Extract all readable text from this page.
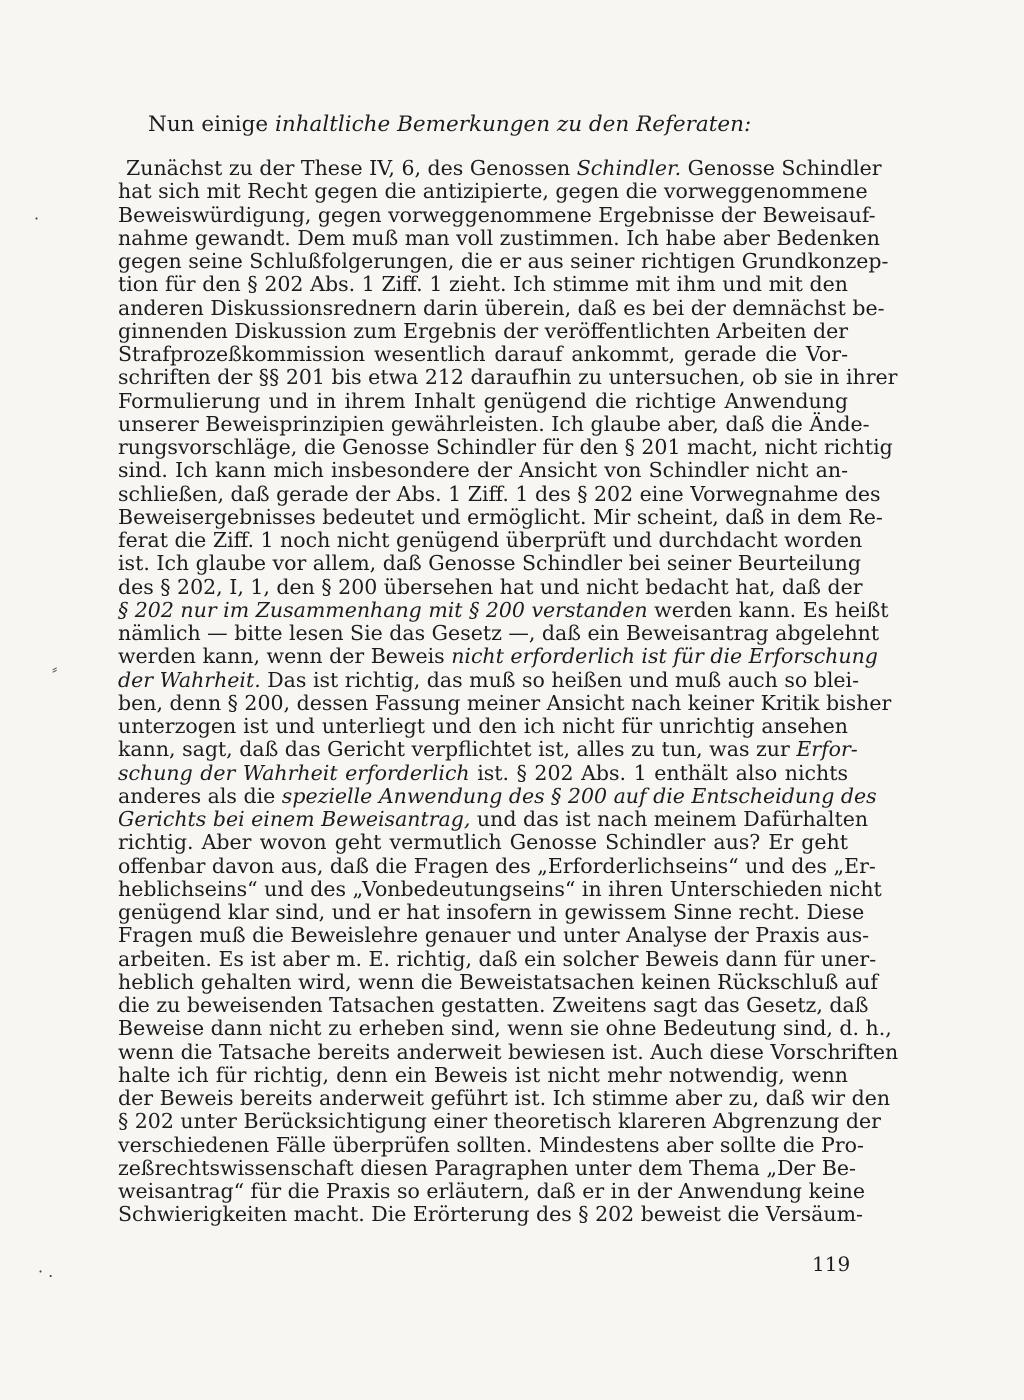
Nun einige inhaltliche Bemerkungen zu den Referaten:
Zunächst zu der These IV, 6, des Genossen Schindler. Genosse Schindler
hat sich mit Recht gegen die antizipierte, gegen die vorweggenommene
Beweiswürdigung, gegen vorweggenommene Ergebnisse der Beweisauf-
nahme gewandt. Dem muß man voll zustimmen. Ich habe aber Bedenken
gegen seine Schlußfolgerungen, die er aus seiner richtigen Grundkonzep-
tion für den § 202 Abs. 1 Ziff. 1 zieht. Ich stimme mit ihm und mit den
anderen Diskussionsrednern darin überein, daß es bei der demnächst be-
ginnenden Diskussion zum Ergebnis der veröffentlichten Arbeiten der
Strafprozeßkommission wesentlich darauf ankommt, gerade die Vor-
schriften der §§ 201 bis etwa 212 daraufhin zu untersuchen, ob sie in ihrer
Formulierung und in ihrem Inhalt genügend die richtige Anwendung
unserer Beweisprinzipien gewährleisten. Ich glaube aber, daß die Ände-
rungsvorschläge, die Genosse Schindler für den § 201 macht, nicht richtig
sind. Ich kann mich insbesondere der Ansicht von Schindler nicht an-
schließen, daß gerade der Abs. 1 Ziff. 1 des § 202 eine Vorwegnahme des
Beweisergebnisses bedeutet und ermöglicht. Mir scheint, daß in dem Re-
ferat die Ziff. 1 noch nicht genügend überprüft und durchdacht worden
ist. Ich glaube vor allem, daß Genosse Schindler bei seiner Beurteilung
des § 202, I, 1, den § 200 übersehen hat und nicht bedacht hat, daß der
§ 202 nur im Zusammenhang mit § 200 verstanden werden kann. Es heißt
nämlich — bitte lesen Sie das Gesetz —, daß ein Beweisantrag abgelehnt
werden kann, wenn der Beweis nicht erforderlich ist für die Erforschung
der Wahrheit. Das ist richtig, das muß so heißen und muß auch so blei-
ben, denn § 200, dessen Fassung meiner Ansicht nach keiner Kritik bisher
unterzogen ist und unterliegt und den ich nicht für unrichtig ansehen
kann, sagt, daß das Gericht verpflichtet ist, alles zu tun, was zur Erfor-
schung der Wahrheit erforderlich ist. § 202 Abs. 1 enthält also nichts
anderes als die spezielle Anwendung des § 200 auf die Entscheidung des
Gerichts bei einem Beweisantrag, und das ist nach meinem Dafürhalten
richtig. Aber wovon geht vermutlich Genosse Schindler aus? Er geht
offenbar davon aus, daß die Fragen des „Erforderlichseins“ und des „Er-
heblichseins“ und des „Vonbedeutungseins“ in ihren Unterschieden nicht
genügend klar sind, und er hat insofern in gewissem Sinne recht. Diese
Fragen muß die Beweislehre genauer und unter Analyse der Praxis aus-
arbeiten. Es ist aber m. E. richtig, daß ein solcher Beweis dann für uner-
heblich gehalten wird, wenn die Beweistatsachen keinen Rückschluß auf
die zu beweisenden Tatsachen gestatten. Zweitens sagt das Gesetz, daß
Beweise dann nicht zu erheben sind, wenn sie ohne Bedeutung sind, d. h.,
wenn die Tatsache bereits anderweit bewiesen ist. Auch diese Vorschriften
halte ich für richtig, denn ein Beweis ist nicht mehr notwendig, wenn
der Beweis bereits anderweit geführt ist. Ich stimme aber zu, daß wir den
§ 202 unter Berücksichtigung einer theoretisch klareren Abgrenzung der
verschiedenen Fälle überprüfen sollten. Mindestens aber sollte die Pro-
zeßrechtswissenschaft diesen Paragraphen unter dem Thema „Der Be-
weisantrag“ für die Praxis so erläutern, daß er in der Anwendung keine
Schwierigkeiten macht. Die Erörterung des § 202 beweist die Versäum-
·
⸗
· .	119
